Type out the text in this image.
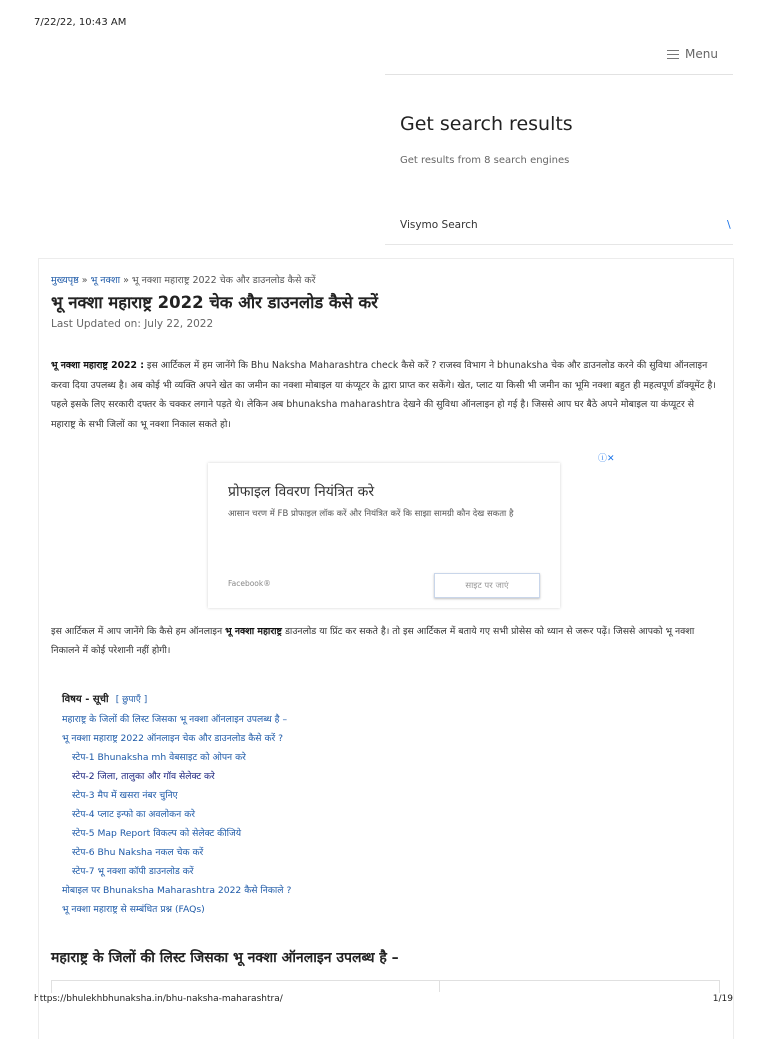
7/22/22, 10:43 AM
https://bhulekhbhunaksha.in/bhu-naksha-maharashtra/	1/19
Menu
Get search results
Get results from 8 search engines
Visymo Search	\
मुख्यपृष्ठ » भू नक्शा » भू नक्शा महाराष्ट्र 2022 चेक और डाउनलोड कैसे करें
भू नक्शा महाराष्ट्र 2022 चेक और डाउनलोड कैसे करें
Last Updated on: July 22, 2022

भू नक्शा महाराष्ट्र 2022 : इस आर्टिकल में हम जानेंगे कि Bhu Naksha Maharashtra check कैसे करें ? राजस्व विभाग ने bhunaksha चेक और डाउनलोड करने की सुविधा ऑनलाइन करवा दिया उपलब्ध है। अब कोई भी व्यक्ति अपने खेत का जमीन का नक्शा मोबाइल या कंप्यूटर के द्वारा प्राप्त कर सकेंगे। खेत, प्लाट या किसी भी जमीन का भूमि नक्शा बहुत ही महत्वपूर्ण डॉक्यूमेंट है। पहले इसके लिए सरकारी दफ्तर के चक्कर लगाने पड़ते थे। लेकिन अब bhunaksha maharashtra देखने की सुविधा ऑनलाइन हो गई है। जिससे आप घर बैठे अपने मोबाइल या कंप्यूटर से महाराष्ट्र के सभी जिलों का भू नक्शा निकाल सकते हो।

ⓘ✕
प्रोफाइल विवरण नियंत्रित करे
आसान चरण में FB प्रोफाइल लॉक करें और नियंत्रित करें कि साझा सामग्री कौन देख सकता है
Facebook®	साइट पर जाएं

इस आर्टिकल में आप जानेंगे कि कैसे हम ऑनलाइन भू नक्शा महाराष्ट्र डाउनलोड या प्रिंट कर सकते है। तो इस आर्टिकल में बताये गए सभी प्रोसेस को ध्यान से जरूर पढ़ें। जिससे आपको भू नक्शा निकालने में कोई परेशानी नहीं होगी।

विषय - सूची [ छुपाएँ ]
महाराष्ट्र के जिलों की लिस्ट जिसका भू नक्शा ऑनलाइन उपलब्ध है –
भू नक्शा महाराष्ट्र 2022 ऑनलाइन चेक और डाउनलोड कैसे करें ?
स्टेप-1 Bhunaksha mh वेबसाइट को ओपन करे
स्टेप-2 जिला, तालुका और गॉव सेलेक्ट करे
स्टेप-3 मैप में खसरा नंबर चुनिए
स्टेप-4 प्लाट इन्फो का अवलोकन करे
स्टेप-5 Map Report विकल्प को सेलेक्ट कीजिये
स्टेप-6 Bhu Naksha नकल चेक करें
स्टेप-7 भू नक्शा कॉपी डाउनलोड करें
मोबाइल पर Bhunaksha Maharashtra 2022 कैसे निकाले ?
भू नक्शा महाराष्ट्र से सम्बंधित प्रश्न (FAQs)
महाराष्ट्र के जिलों की लिस्ट जिसका भू नक्शा ऑनलाइन उपलब्ध है –
